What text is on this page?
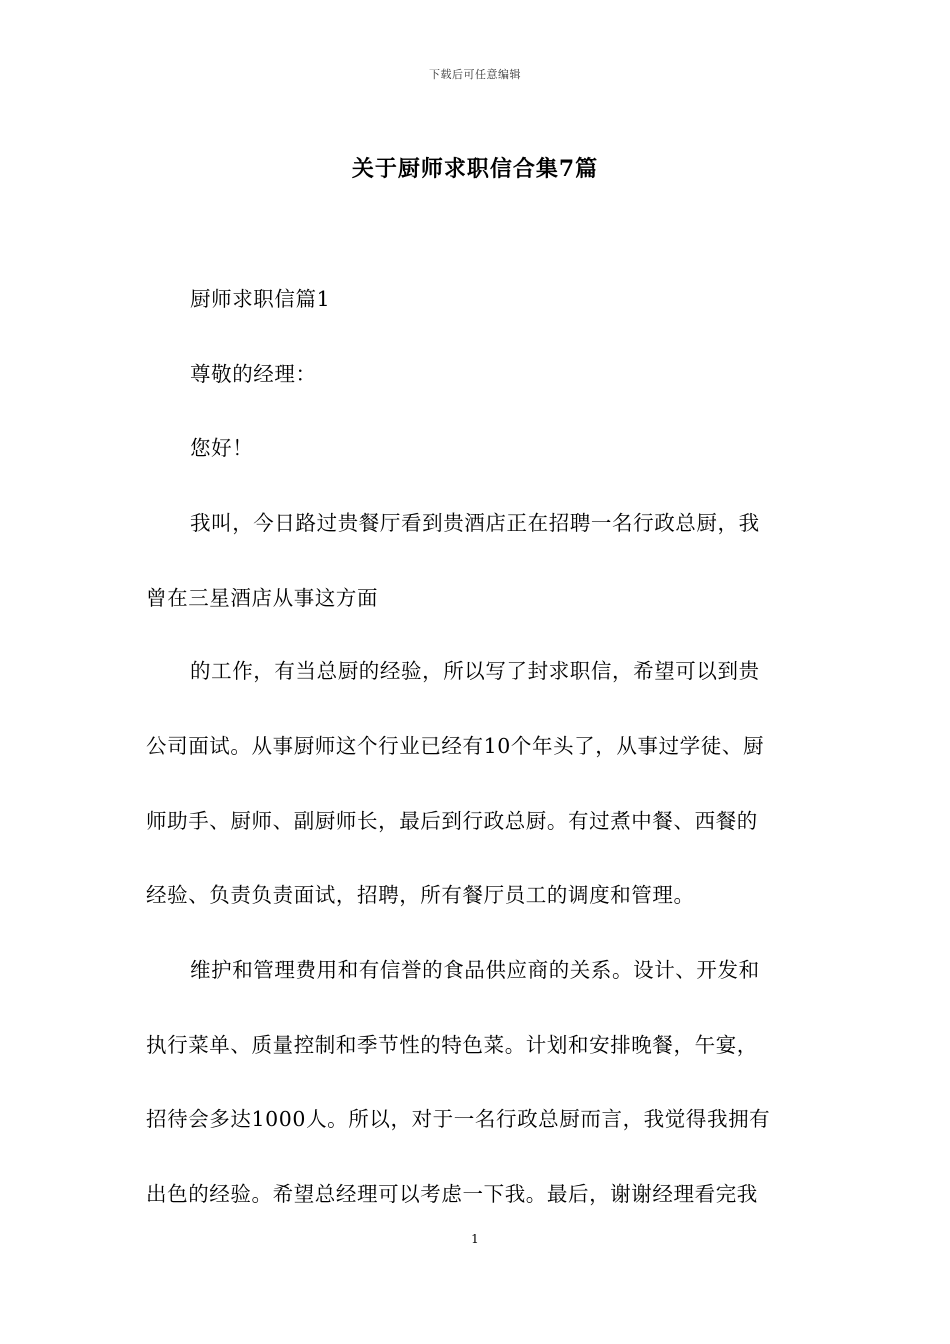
下载后可任意编辑
关于厨师求职信合集7篇
厨师求职信篇1
尊敬的经理：
您好！
我叫，今日路过贵餐厅看到贵酒店正在招聘一名行政总厨，我
曾在三星酒店从事这方面
的工作，有当总厨的经验，所以写了封求职信，希望可以到贵
公司面试。从事厨师这个行业已经有10个年头了，从事过学徒、厨
师助手、厨师、副厨师长，最后到行政总厨。有过煮中餐、西餐的
经验、负责负责面试，招聘，所有餐厅员工的调度和管理。
维护和管理费用和有信誉的食品供应商的关系。设计、开发和
执行菜单、质量控制和季节性的特色菜。计划和安排晚餐，午宴，
招待会多达1000人。所以，对于一名行政总厨而言，我觉得我拥有
出色的经验。希望总经理可以考虑一下我。最后，谢谢经理看完我
1
